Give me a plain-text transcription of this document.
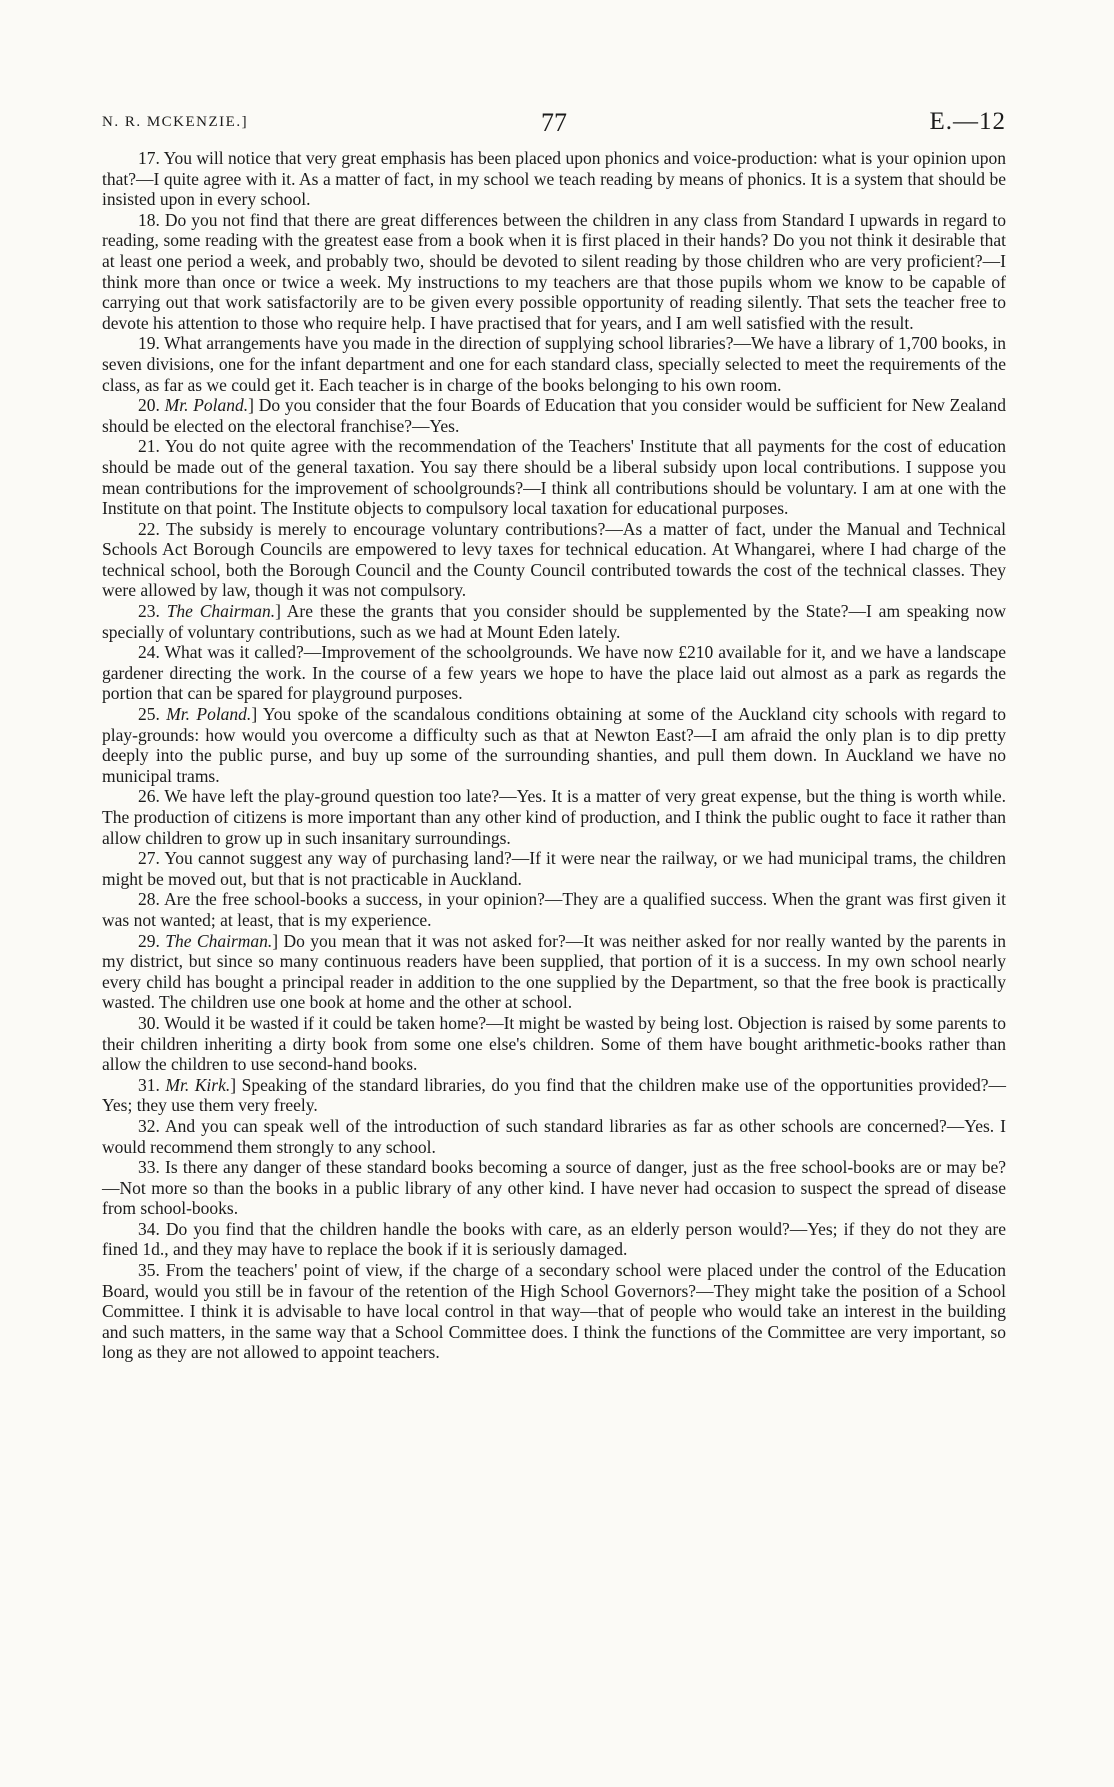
N. R. MCKENZIE.]	77	E.—12

17. You will notice that very great emphasis has been placed upon phonics and voice-production: what is your opinion upon that?—I quite agree with it. As a matter of fact, in my school we teach reading by means of phonics. It is a system that should be insisted upon in every school.

18. Do you not find that there are great differences between the children in any class from Standard I upwards in regard to reading, some reading with the greatest ease from a book when it is first placed in their hands? Do you not think it desirable that at least one period a week, and probably two, should be devoted to silent reading by those children who are very proficient?—I think more than once or twice a week. My instructions to my teachers are that those pupils whom we know to be capable of carrying out that work satisfactorily are to be given every possible opportunity of reading silently. That sets the teacher free to devote his attention to those who require help. I have practised that for years, and I am well satisfied with the result.

19. What arrangements have you made in the direction of supplying school libraries?—We have a library of 1,700 books, in seven divisions, one for the infant department and one for each standard class, specially selected to meet the requirements of the class, as far as we could get it. Each teacher is in charge of the books belonging to his own room.

20. Mr. Poland.] Do you consider that the four Boards of Education that you consider would be sufficient for New Zealand should be elected on the electoral franchise?—Yes.

21. You do not quite agree with the recommendation of the Teachers' Institute that all payments for the cost of education should be made out of the general taxation. You say there should be a liberal subsidy upon local contributions. I suppose you mean contributions for the improvement of schoolgrounds?—I think all contributions should be voluntary. I am at one with the Institute on that point. The Institute objects to compulsory local taxation for educational purposes.

22. The subsidy is merely to encourage voluntary contributions?—As a matter of fact, under the Manual and Technical Schools Act Borough Councils are empowered to levy taxes for technical education. At Whangarei, where I had charge of the technical school, both the Borough Council and the County Council contributed towards the cost of the technical classes. They were allowed by law, though it was not compulsory.

23. The Chairman.] Are these the grants that you consider should be supplemented by the State?—I am speaking now specially of voluntary contributions, such as we had at Mount Eden lately.

24. What was it called?—Improvement of the schoolgrounds. We have now £210 available for it, and we have a landscape gardener directing the work. In the course of a few years we hope to have the place laid out almost as a park as regards the portion that can be spared for playground purposes.

25. Mr. Poland.] You spoke of the scandalous conditions obtaining at some of the Auckland city schools with regard to play-grounds: how would you overcome a difficulty such as that at Newton East?—I am afraid the only plan is to dip pretty deeply into the public purse, and buy up some of the surrounding shanties, and pull them down. In Auckland we have no municipal trams.

26. We have left the play-ground question too late?—Yes. It is a matter of very great expense, but the thing is worth while. The production of citizens is more important than any other kind of production, and I think the public ought to face it rather than allow children to grow up in such insanitary surroundings.

27. You cannot suggest any way of purchasing land?—If it were near the railway, or we had municipal trams, the children might be moved out, but that is not practicable in Auckland.

28. Are the free school-books a success, in your opinion?—They are a qualified success. When the grant was first given it was not wanted; at least, that is my experience.

29. The Chairman.] Do you mean that it was not asked for?—It was neither asked for nor really wanted by the parents in my district, but since so many continuous readers have been supplied, that portion of it is a success. In my own school nearly every child has bought a principal reader in addition to the one supplied by the Department, so that the free book is practically wasted. The children use one book at home and the other at school.

30. Would it be wasted if it could be taken home?—It might be wasted by being lost. Objection is raised by some parents to their children inheriting a dirty book from some one else's children. Some of them have bought arithmetic-books rather than allow the children to use second-hand books.

31. Mr. Kirk.] Speaking of the standard libraries, do you find that the children make use of the opportunities provided?—Yes; they use them very freely.

32. And you can speak well of the introduction of such standard libraries as far as other schools are concerned?—Yes. I would recommend them strongly to any school.

33. Is there any danger of these standard books becoming a source of danger, just as the free school-books are or may be?—Not more so than the books in a public library of any other kind. I have never had occasion to suspect the spread of disease from school-books.

34. Do you find that the children handle the books with care, as an elderly person would?—Yes; if they do not they are fined 1d., and they may have to replace the book if it is seriously damaged.

35. From the teachers' point of view, if the charge of a secondary school were placed under the control of the Education Board, would you still be in favour of the retention of the High School Governors?—They might take the position of a School Committee. I think it is advisable to have local control in that way—that of people who would take an interest in the building and such matters, in the same way that a School Committee does. I think the functions of the Committee are very important, so long as they are not allowed to appoint teachers.
